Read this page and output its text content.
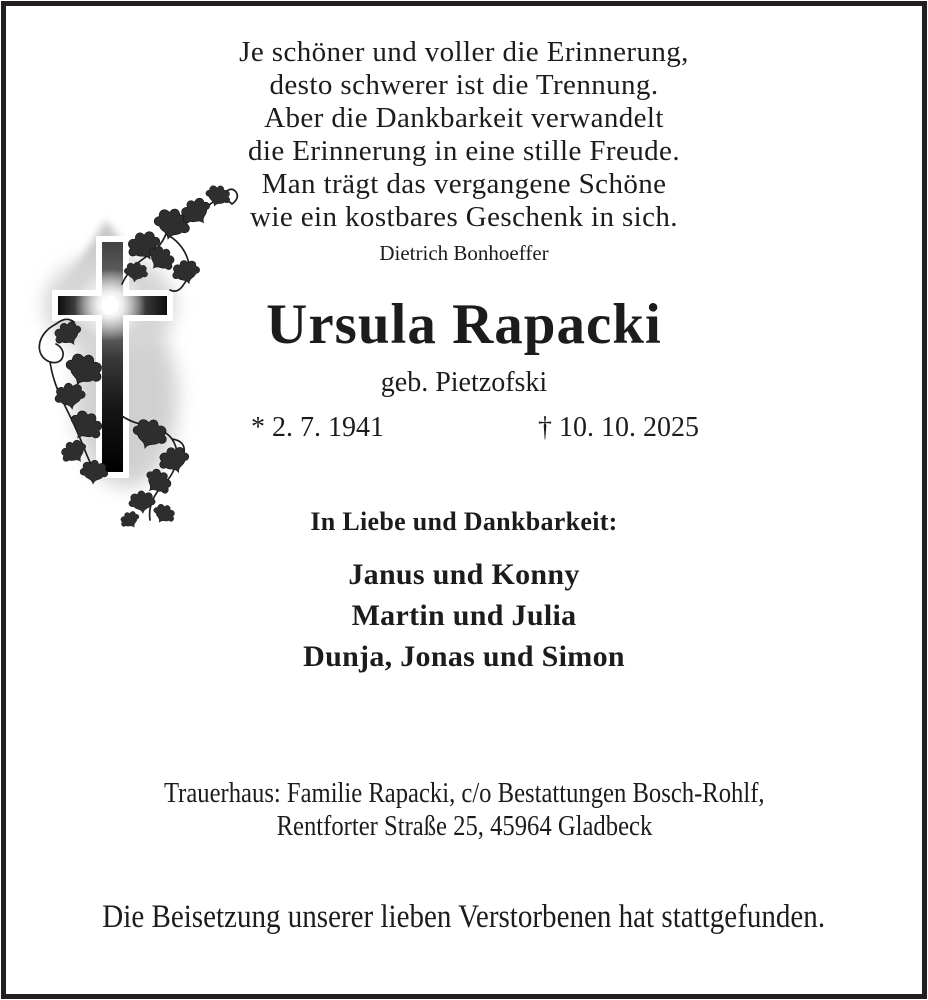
Je schöner und voller die Erinnerung,
desto schwerer ist die Trennung.
Aber die Dankbarkeit verwandelt
die Erinnerung in eine stille Freude.
Man trägt das vergangene Schöne
wie ein kostbares Geschenk in sich.
Dietrich Bonhoeffer
Ursula Rapacki
geb. Pietzofski
* 2. 7. 1941	† 10. 10. 2025
In Liebe und Dankbarkeit:
Janus und Konny
Martin und Julia
Dunja, Jonas und Simon
Trauerhaus: Familie Rapacki, c/o Bestattungen Bosch-Rohlf,
Rentforter Straße 25, 45964 Gladbeck
Die Beisetzung unserer lieben Verstorbenen hat stattgefunden.
